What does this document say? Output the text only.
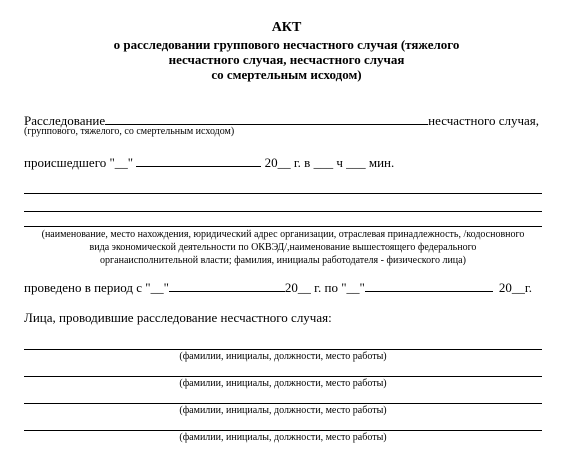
АКТ
о расследовании группового несчастного случая (тяжелого
несчастного случая, несчастного случая
со смертельным исходом)
Расследование	несчастного случая,
(группового, тяжелого, со смертельным исходом)
происшедшего "__"	20__ г. в ___ ч ___ мин.
(наименование, место нахождения, юридический адрес организации, отраслевая принадлежность, /кодосновного
вида экономической деятельности по ОКВЭД/,наименование вышестоящего федерального
органаисполнительной власти; фамилия, инициалы работодателя - физического лица)
проведено в период с "__"	20__ г. по "__"	20__г.
Лица, проводившие расследование несчастного случая:
(фамилии, инициалы, должности, место работы)
(фамилии, инициалы, должности, место работы)
(фамилии, инициалы, должности, место работы)
(фамилии, инициалы, должности, место работы)
